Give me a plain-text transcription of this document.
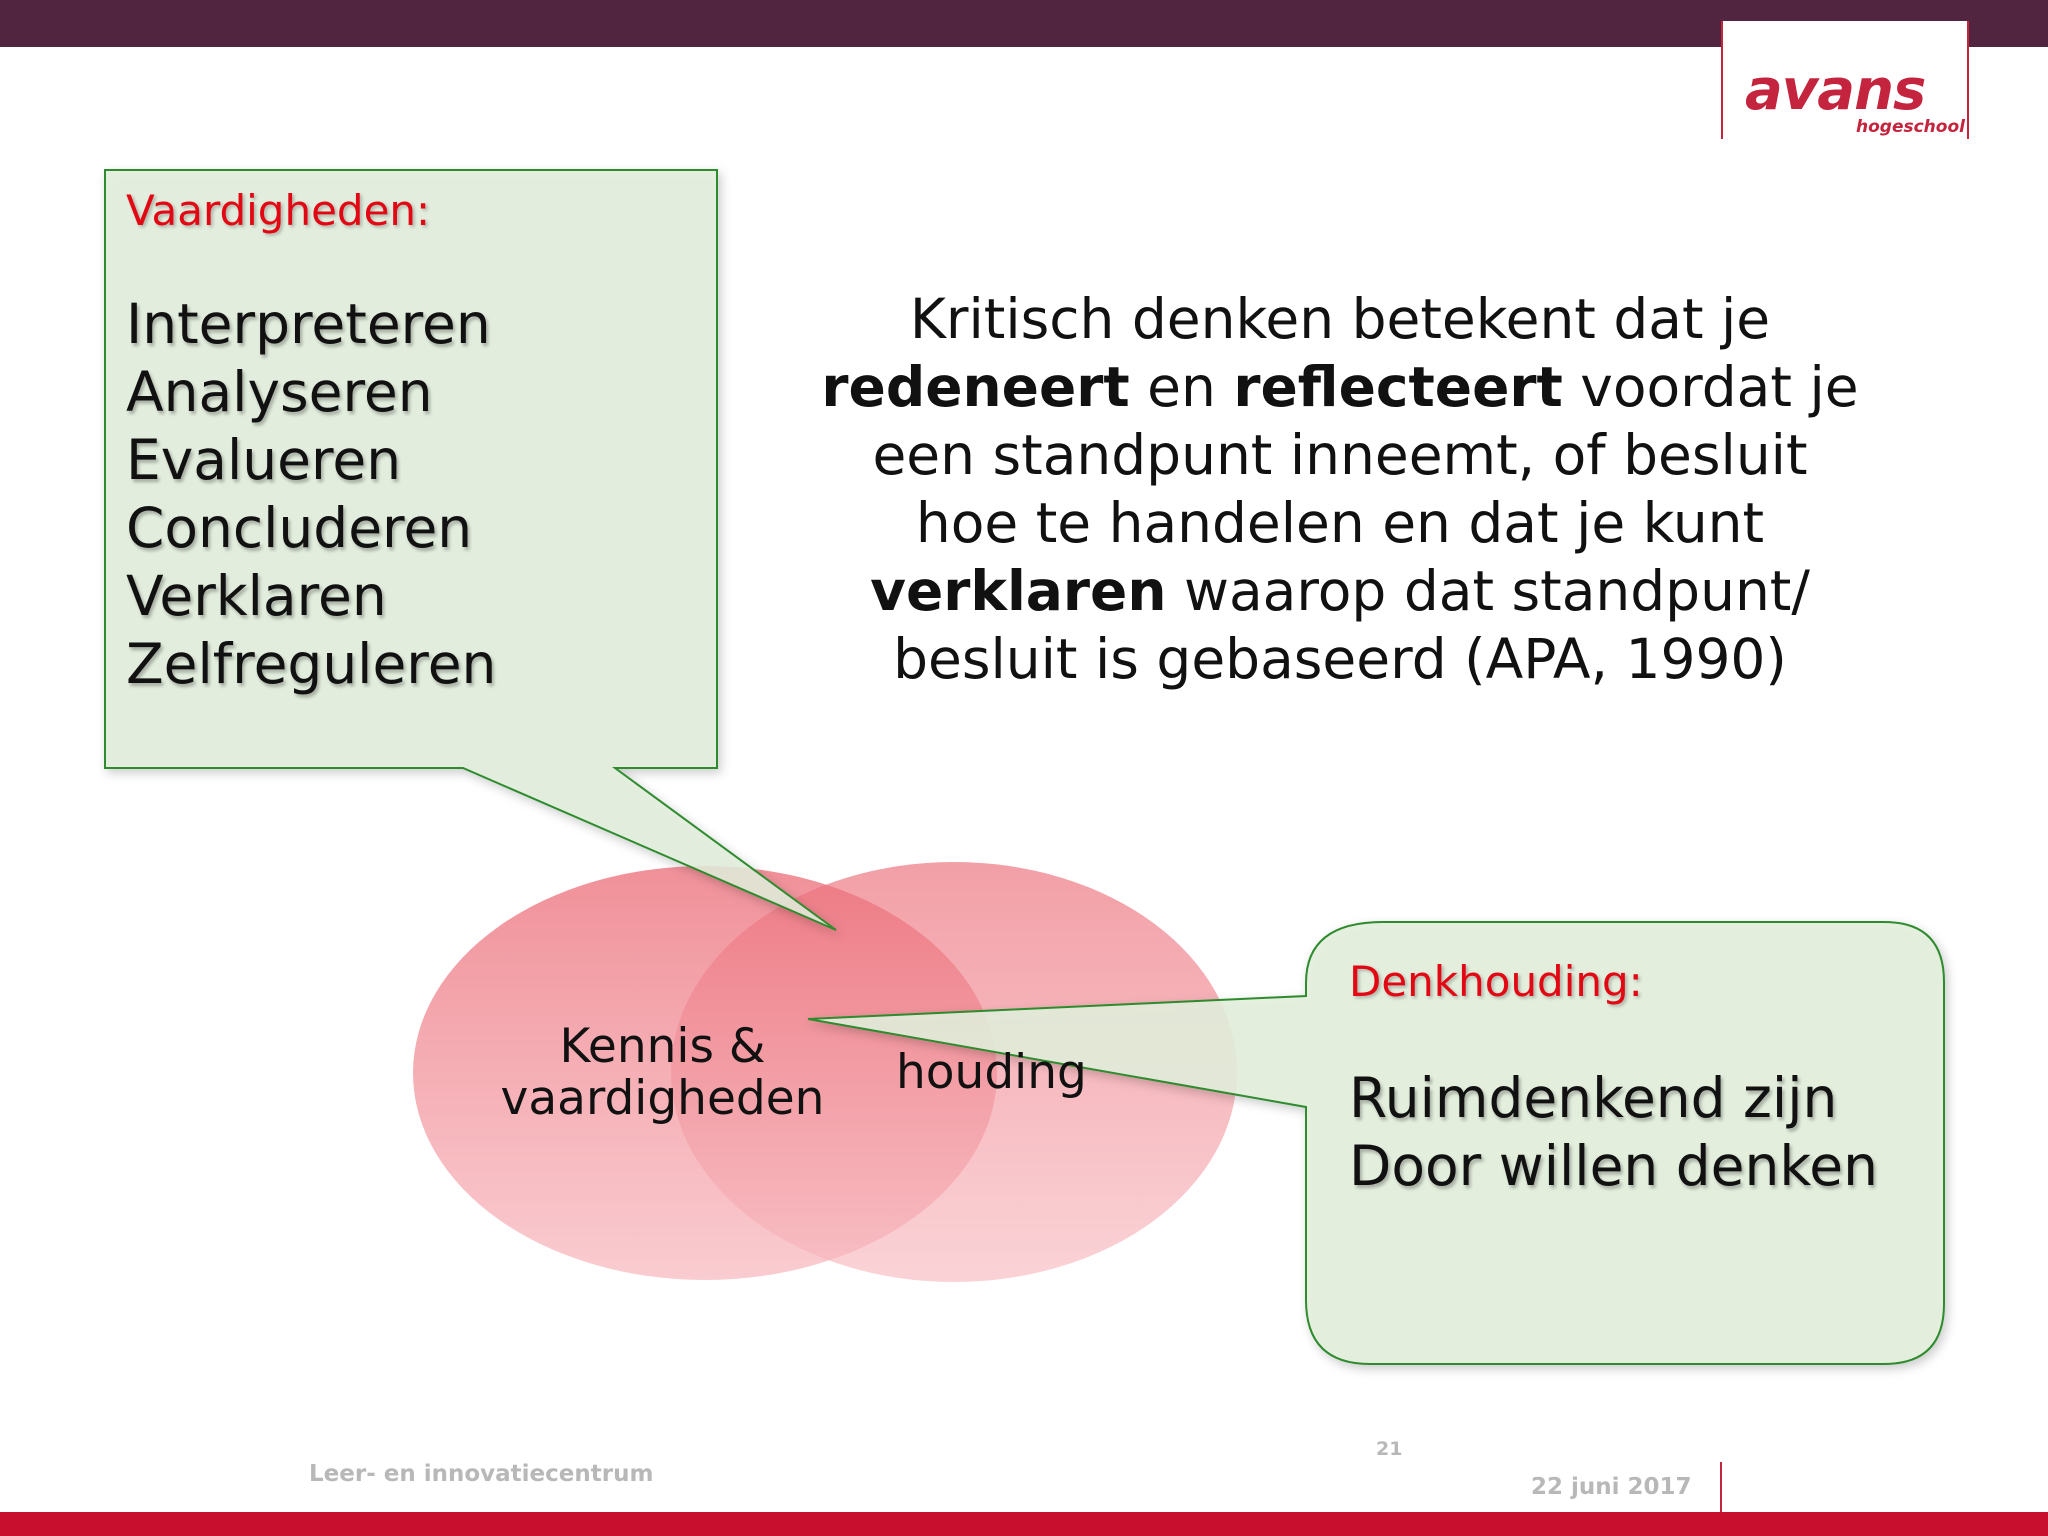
avans
hogeschool
Kritisch denken betekent dat je
redeneert en reflecteert voordat je
een standpunt inneemt, of besluit
hoe te handelen en dat je kunt
verklaren waarop dat standpunt/
besluit is gebaseerd (APA, 1990)
Vaardigheden:
Interpreteren
Analyseren
Evalueren
Concluderen
Verklaren
Zelfreguleren
Denkhouding:
Ruimdenkend zijn
Door willen denken
Kennis &
vaardigheden houding
Leer- en innovatiecentrum
21
22 juni 2017
